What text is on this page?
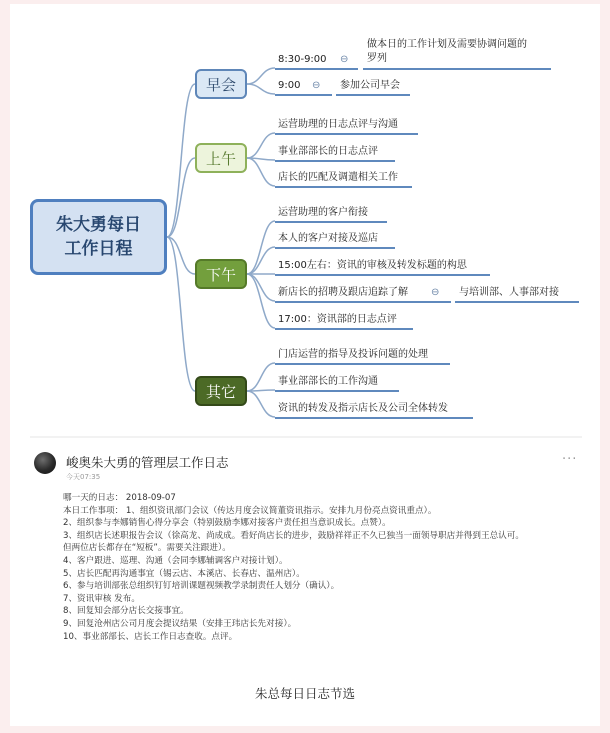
朱大勇每日
工作日程
早会
上午
下午
其它
8:30-9:00 ⊖
做本日的工作计划及需要协调问题的
罗列
9:00 ⊖ 参加公司早会
运营助理的日志点评与沟通
事业部部长的日志点评
店长的匹配及调遣相关工作
运营助理的客户衔接
本人的客户对接及巡店
15:00左右：资讯的审核及转发标题的构思
新店长的招聘及跟店追踪了解 ⊖ 与培训部、人事部对接
17:00：资讯部的日志点评
门店运营的指导及投诉问题的处理
事业部部长的工作沟通
资讯的转发及指示店长及公司全体转发
峻奥朱大勇的管理层工作日志
今天07:35
···
哪一天的日志： 2018-09-07
本日工作事项： 1、组织资讯部门会议（传达月度会议简董资讯指示。安排九月份亮点资讯重点）。
2、组织参与李娜销售心得分享会（特别鼓励李娜对接客户责任担当意识成长。点赞）。
3、组织店长述职报告会议（徐高龙、尚成成。看好尚店长的进步，鼓励祥祥正不久已独当一面领导职店并得到王总认可。
但两位店长都存在“短板”。需要关注跟进）。
4、客户跟进、巡理、沟通（会同李娜辅调客户对接计划）。
5、店长匹配再沟通事宜（锡云店、本溪店、长春店、温州店）。
6、参与培训部张总组织钉钉培训课题视频教学录制责任人划分（确认）。
7、资讯审核 发布。
8、回复知会部分店长交接事宜。
9、回复沧州店公司月度会提议结果（安排王玮店长先对接）。
10、事业部部长、店长工作日志查收。点评。
朱总每日日志节选
